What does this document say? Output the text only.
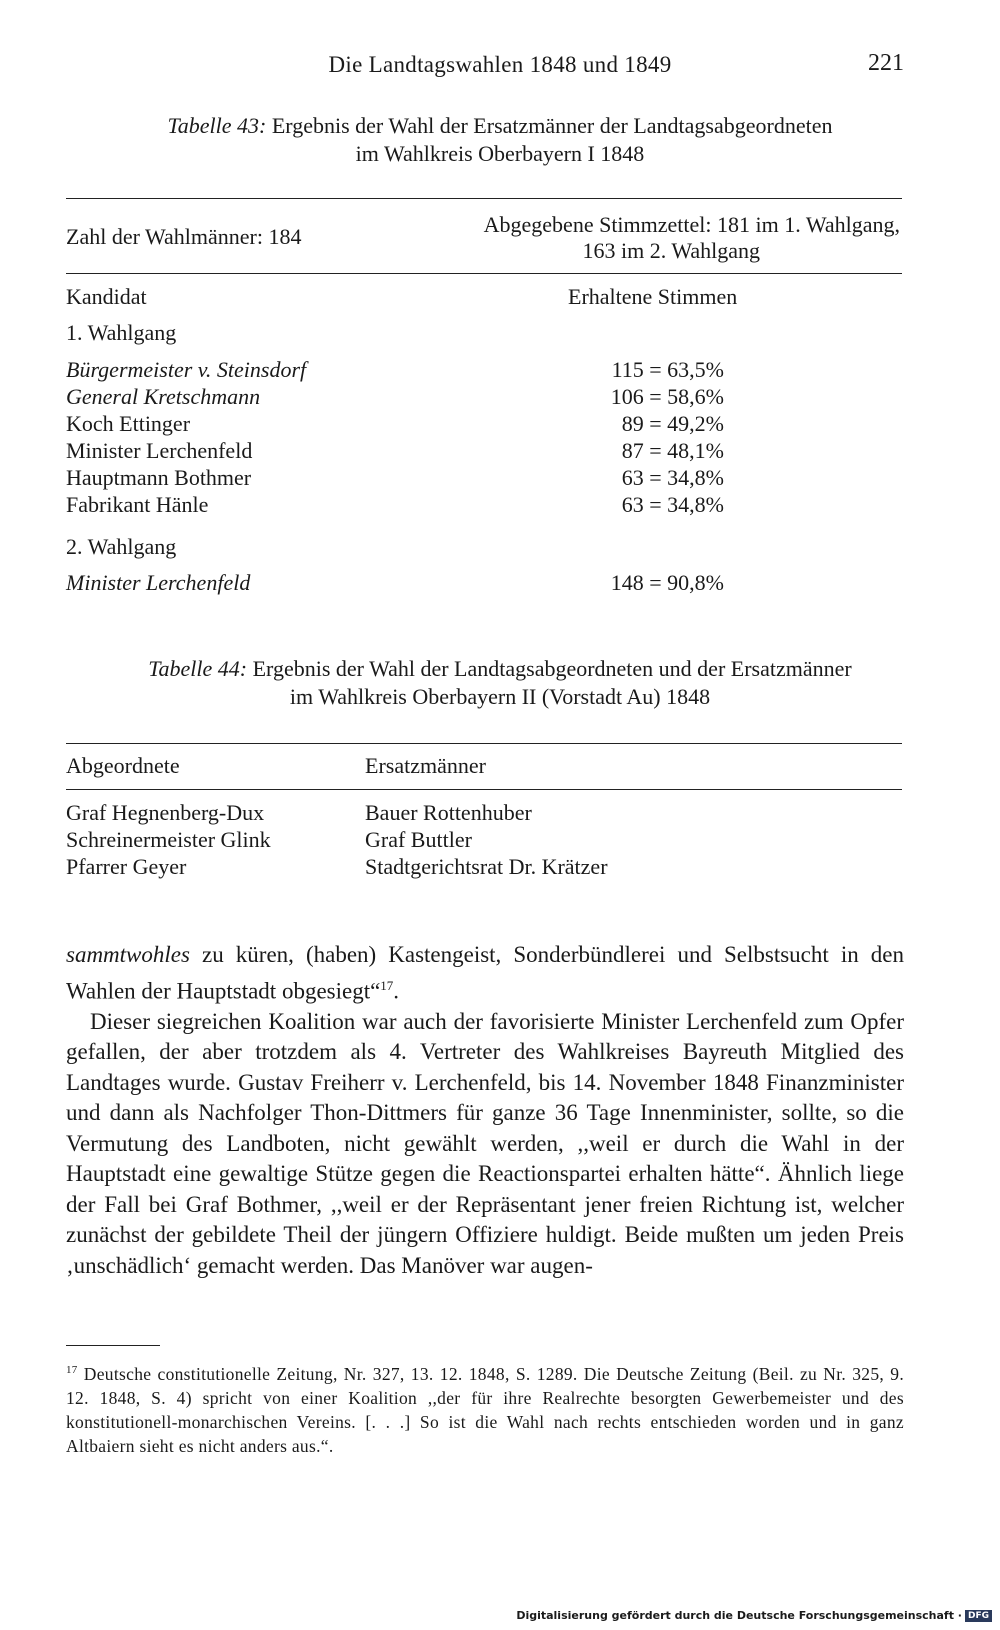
Die Landtagswahlen 1848 und 1849	221
Tabelle 43: Ergebnis der Wahl der Ersatzmänner der Landtagsabgeordneten
im Wahlkreis Oberbayern I 1848
Zahl der Wahlmänner: 184	Abgegebene Stimmzettel: 181 im 1. Wahlgang,
163 im 2. Wahlgang
Kandidat	Erhaltene Stimmen
1. Wahlgang
Bürgermeister v. Steinsdorf	115 = 63,5%
General Kretschmann	106 = 58,6%
Koch Ettinger	89 = 49,2%
Minister Lerchenfeld	87 = 48,1%
Hauptmann Bothmer	63 = 34,8%
Fabrikant Hänle	63 = 34,8%
2. Wahlgang
Minister Lerchenfeld	148 = 90,8%
Tabelle 44: Ergebnis der Wahl der Landtagsabgeordneten und der Ersatzmänner
im Wahlkreis Oberbayern II (Vorstadt Au) 1848
Abgeordnete	Ersatzmänner
Graf Hegnenberg-Dux	Bauer Rottenhuber
Schreinermeister Glink	Graf Buttler
Pfarrer Geyer	Stadtgerichtsrat Dr. Krätzer

sammtwohles zu küren, (haben) Kastengeist, Sonderbündlerei und Selbstsucht in den Wahlen der Hauptstadt obgesiegt“$^{17}$.

Dieser siegreichen Koalition war auch der favorisierte Minister Lerchenfeld zum Opfer gefallen, der aber trotzdem als 4. Vertreter des Wahlkreises Bayreuth Mitglied des Landtages wurde. Gustav Freiherr v. Lerchenfeld, bis 14. November 1848 Finanzminister und dann als Nachfolger Thon-Dittmers für ganze 36 Tage Innenminister, sollte, so die Vermutung des Landboten, nicht gewählt werden, ,,weil er durch die Wahl in der Hauptstadt eine gewaltige Stütze gegen die Reactionspartei erhalten hätte“. Ähnlich liege der Fall bei Graf Bothmer, ,,weil er der Repräsentant jener freien Richtung ist, welcher zunächst der gebildete Theil der jüngern Offiziere huldigt. Beide mußten um jeden Preis ‚unschädlich‘ gemacht werden. Das Manöver war augen-

$^{17}$ Deutsche constitutionelle Zeitung, Nr. 327, 13. 12. 1848, S. 1289. Die Deutsche Zeitung (Beil. zu Nr. 325, 9. 12. 1848, S. 4) spricht von einer Koalition ,,der für ihre Realrechte besorgten Gewerbemeister und des konstitutionell-monarchischen Vereins. [. . .] So ist die Wahl nach rechts entschieden worden und in ganz Altbaiern sieht es nicht anders aus.“.
Digitalisierung gefördert durch die Deutsche Forschungsgemeinschaft · DFG
